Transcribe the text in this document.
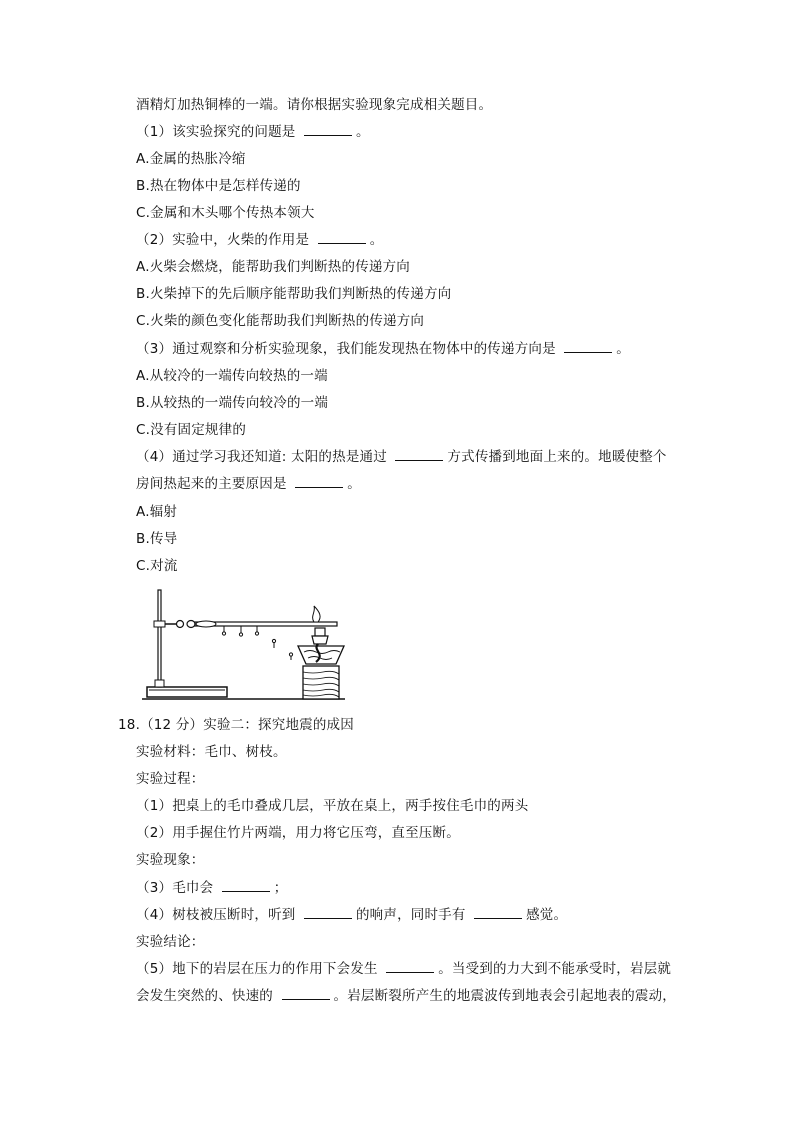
酒精灯加热铜棒的一端。请你根据实验现象完成相关题目。
（1）该实验探究的问题是	。
A.金属的热胀冷缩
B.热在物体中是怎样传递的
C.金属和木头哪个传热本领大
（2）实验中，火柴的作用是	。
A.火柴会燃烧，能帮助我们判断热的传递方向
B.火柴掉下的先后顺序能帮助我们判断热的传递方向
C.火柴的颜色变化能帮助我们判断热的传递方向
（3）通过观察和分析实验现象，我们能发现热在物体中的传递方向是	。
A.从较冷的一端传向较热的一端
B.从较热的一端传向较冷的一端
C.没有固定规律的
（4）通过学习我还知道: 太阳的热是通过	方式传播到地面上来的。地暖使整个
房间热起来的主要原因是	。
A.辐射
B.传导
C.对流
18.（12 分）实验二：探究地震的成因
实验材料：毛巾、树枝。
实验过程：
（1）把桌上的毛巾叠成几层，平放在桌上，两手按住毛巾的两头
（2）用手握住竹片两端，用力将它压弯，直至压断。
实验现象：
（3）毛巾会	；
（4）树枝被压断时，听到	的响声，同时手有	感觉。
实验结论：
（5）地下的岩层在压力的作用下会发生	。当受到的力大到不能承受时，岩层就
会发生突然的、快速的	。岩层断裂所产生的地震波传到地表会引起地表的震动，
